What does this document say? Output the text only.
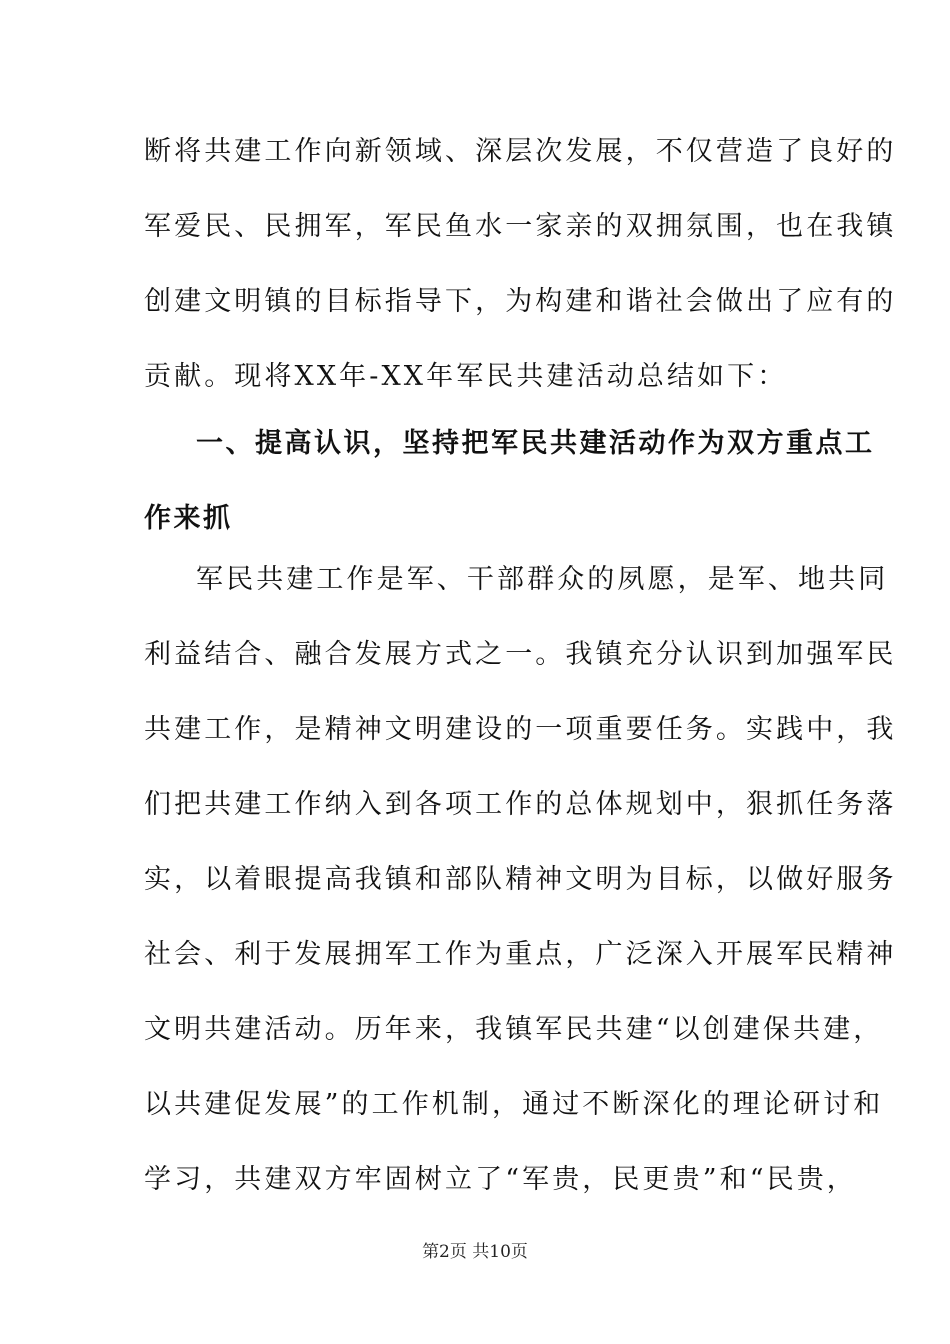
断将共建工作向新领域、深层次发展，不仅营造了良好的
军爱民、民拥军，军民鱼水一家亲的双拥氛围，也在我镇
创建文明镇的目标指导下，为构建和谐社会做出了应有的
贡献。现将XX年-XX年军民共建活动总结如下：
一、提高认识，坚持把军民共建活动作为双方重点工
作来抓
军民共建工作是军、干部群众的夙愿，是军、地共同
利益结合、融合发展方式之一。我镇充分认识到加强军民
共建工作，是精神文明建设的一项重要任务。实践中，我
们把共建工作纳入到各项工作的总体规划中，狠抓任务落
实，以着眼提高我镇和部队精神文明为目标，以做好服务
社会、利于发展拥军工作为重点，广泛深入开展军民精神
文明共建活动。历年来，我镇军民共建“以创建保共建，
以共建促发展”的工作机制，通过不断深化的理论研讨和
学习，共建双方牢固树立了“军贵，民更贵”和“民贵，
第2页 共10页
